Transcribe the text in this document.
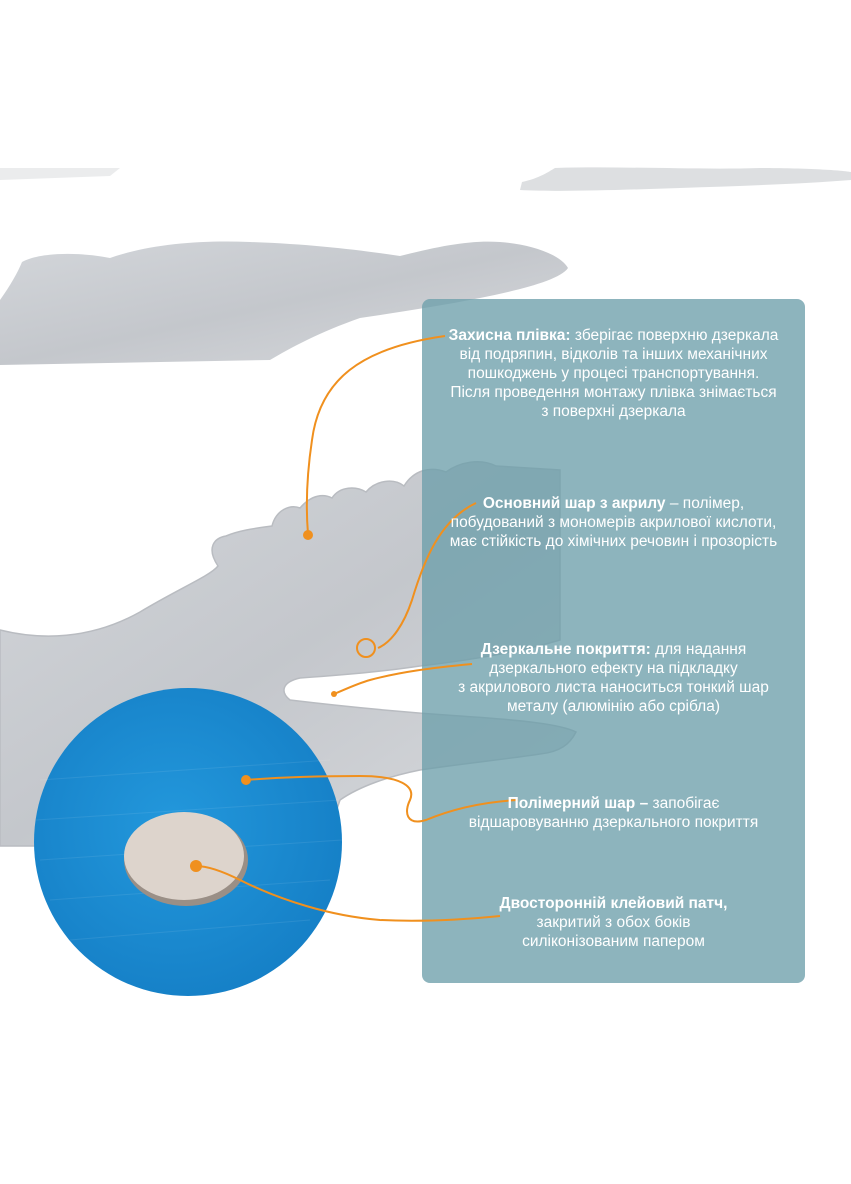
Захисна плівка: зберігає поверхню дзеркала
від подряпин, відколів та інших механічних
пошкоджень у процесі транспортування.
Після проведення монтажу плівка знімається
з поверхні дзеркала
Основний шар з акрилу – полімер,
побудований з мономерів акрилової кислоти,
має стійкість до хімічних речовин і прозорість
Дзеркальне покриття: для надання
дзеркального ефекту на підкладку
з акрилового листа наноситься тонкий шар
металу (алюмінію або срібла)
Полімерний шар – запобігає
відшаровуванню дзеркального покриття
Двосторонній клейовий патч,
закритий з обох боків
силіконізованим папером
